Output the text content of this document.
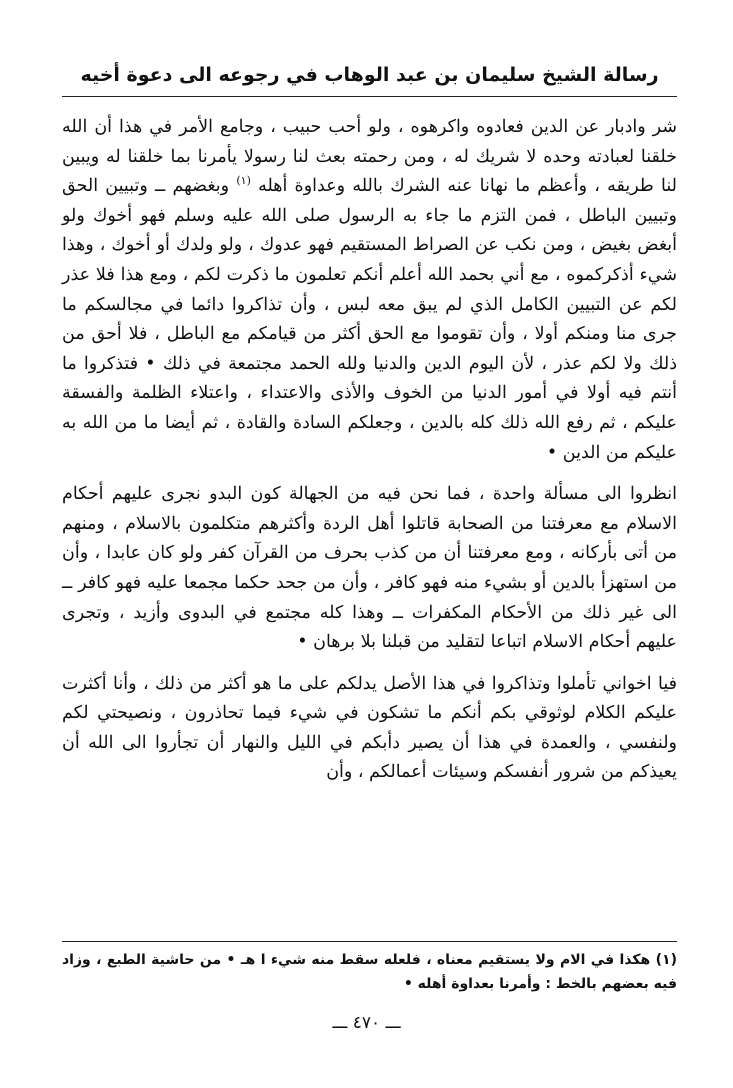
رسالة الشيخ سليمان بن عبد الوهاب في رجوعه الى دعوة أخيه

شر وادبار عن الدين فعادوه واكرهوه ، ولو أحب حبيب ، وجامع الأمر في هذا أن الله خلقنا لعبادته وحده لا شريك له ، ومن رحمته بعث لنا رسولا يأمرنا بما خلقنا له ويبين لنا طريقه ، وأعظم ما نهانا عنه الشرك بالله وعداوة أهله $^{(١)}$ وبغضهم ــ وتبيين الحق وتبيين الباطل ، فمن التزم ما جاء به الرسول صلى الله عليه وسلم فهو أخوك ولو أبغض بغيض ، ومن نكب عن الصراط المستقيم فهو عدوك ، ولو ولدك أو أخوك ، وهذا شيء أذكركموه ، مع أني بحمد الله أعلم أنكم تعلمون ما ذكرت لكم ، ومع هذا فلا عذر لكم عن التبيين الكامل الذي لم يبق معه لبس ، وأن تذاكروا دائما في مجالسكم ما جرى منا ومنكم أولا ، وأن تقوموا مع الحق أكثر من قيامكم مع الباطل ، فلا أحق من ذلك ولا لكم عذر ، لأن اليوم الدين والدنيا ولله الحمد مجتمعة في ذلك • فتذكروا ما أنتم فيه أولا في أمور الدنيا من الخوف والأذى والاعتداء ، واعتلاء الظلمة والفسقة عليكم ، ثم رفع الله ذلك كله بالدين ، وجعلكم السادة والقادة ، ثم أيضا ما من الله به عليكم من الدين •

انظروا الى مسألة واحدة ، فما نحن فيه من الجهالة كون البدو نجرى عليهم أحكام الاسلام مع معرفتنا من الصحابة قاتلوا أهل الردة وأكثرهم متكلمون بالاسلام ، ومنهم من أتى بأركانه ، ومع معرفتنا أن من كذب بحرف من القرآن كفر ولو كان عابدا ، وأن من استهزأ بالدين أو بشيء منه فهو كافر ، وأن من جحد حكما مجمعا عليه فهو كافر ــ الى غير ذلك من الأحكام المكفرات ــ وهذا كله مجتمع في البدوى وأزيد ، وتجرى عليهم أحكام الاسلام اتباعا لتقليد من قبلنا بلا برهان •

فيا اخواني تأملوا وتذاكروا في هذا الأصل يدلكم على ما هو أكثر من ذلك ، وأنا أكثرت عليكم الكلام لوثوقي بكم أنكم ما تشكون في شيء فيما تحاذرون ، ونصيحتي لكم ولنفسي ، والعمدة في هذا أن يصير دأبكم في الليل والنهار أن تجأروا الى الله أن يعيذكم من شرور أنفسكم وسيئات أعمالكم ، وأن

(١) هكذا في الام ولا يستقيم معناه ، فلعله سقط منه شيء ا هـ • من حاشية الطبع ، وزاد فيه بعضهم بالخط : وأمرنا بعداوة أهله •
ـــ ٤٧٠ ـــ
